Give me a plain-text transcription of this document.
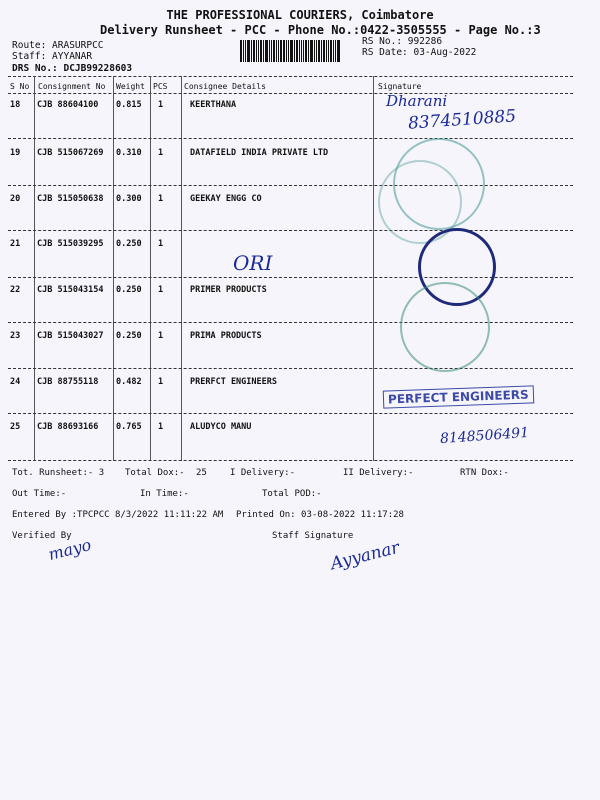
THE PROFESSIONAL COURIERS, Coimbatore
Delivery Runsheet - PCC - Phone No.:0422-3505555 - Page No.:3
Route: ARASURPCC
Staff: AYYANAR
DRS No.: DCJB99228603
RS No.: 992286
RS Date: 03-Aug-2022
S No Consignment No Weight PCS Consignee Details	Signature
18 CJB 88604100 0.815 1	KEERTHANA
19 CJB 515067269 0.310 1	DATAFIELD INDIA PRIVATE LTD
20 CJB 515050638 0.300 1	GEEKAY ENGG CO
21 CJB 515039295 0.250 1
22 CJB 515043154 0.250 1	PRIMER PRODUCTS
23 CJB 515043027 0.250 1	PRIMA PRODUCTS
24 CJB 88755118 0.482 1	PRERFCT ENGINEERS
25 CJB 88693166 0.765 1	ALUDYCO MANU
Dharani
8374510885
ORI
PERFECT ENGINEERS
8148506491
Tot. Runsheet:- 3 Total Dox:- 25	I Delivery:-	II Delivery:-	RTN Dox:-
Out Time:-	In Time:-	Total POD:-
Entered By :TPCPCC 8/3/2022 11:11:22 AM Printed On: 03-08-2022 11:17:28
Verified By	Staff Signature
mayo	Ayyanar
